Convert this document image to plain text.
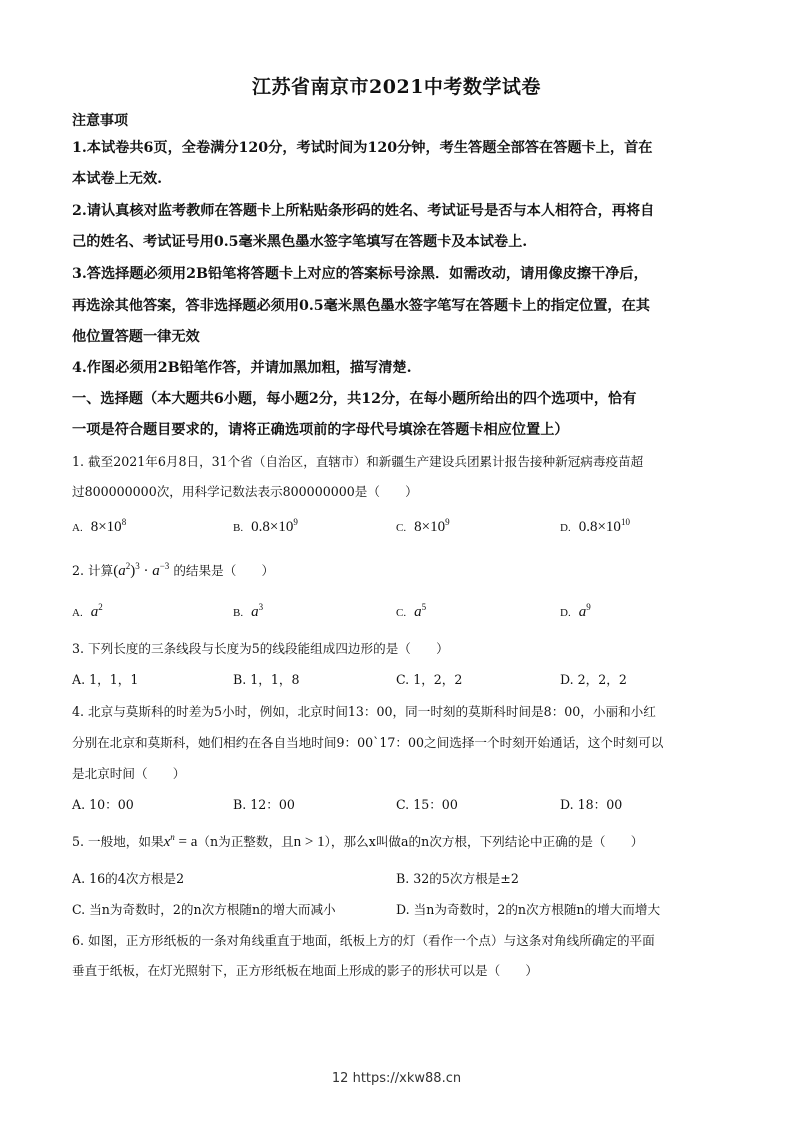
江苏省南京市2021中考数学试卷
注意事项
1.本试卷共6页，全卷满分120分，考试时间为120分钟，考生答题全部答在答题卡上，首在
本试卷上无效.
2.请认真核对监考教师在答题卡上所粘贴条形码的姓名、考试证号是否与本人相符合，再将自
己的姓名、考试证号用0.5毫米黑色墨水签字笔填写在答题卡及本试卷上.
3.答选择题必须用2B铅笔将答题卡上对应的答案标号涂黑．如需改动，请用像皮擦干净后，
再选涂其他答案，答非选择题必须用0.5毫米黑色墨水签字笔写在答题卡上的指定位置，在其
他位置答题一律无效
4.作图必须用2B铅笔作答，并请加黑加粗，描写清楚.
一、选择题（本大题共6小题，每小题2分，共12分，在每小题所给出的四个选项中，恰有
一项是符合题目要求的，请将正确选项前的字母代号填涂在答题卡相应位置上）
1. 截至2021年6月8日，31个省（自治区，直辖市）和新疆生产建设兵团累计报告接种新冠病毒疫苗超
过800000000次，用科学记数法表示800000000是（　　）
A. $8\times 10^8$	B. $0.8\times 10^9$	C. $8\times 10^9$	D. $0.8\times 10^{10}$
2. 计算$(a^2)^3 \cdot a^{-3}$ 的结果是（　　）
A. $a^2$	B. $a^3$	C. $a^5$	D. $a^9$
3. 下列长度的三条线段与长度为5的线段能组成四边形的是（　　）
A. 1，1，1	B. 1，1，8	C. 1，2，2	D. 2，2，2
4. 北京与莫斯科的时差为5小时，例如，北京时间13：00，同一时刻的莫斯科时间是8：00，小丽和小红
分别在北京和莫斯科，她们相约在各自当地时间9：00`17：00之间选择一个时刻开始通话，这个时刻可以
是北京时间（　　）
A. 10：00	B. 12：00	C. 15：00	D. 18：00
5. 一般地，如果$x^n = a(n$为正整数，且n > 1），那么x叫做a的n次方根，下列结论中正确的是（　　）
A. 16的4次方根是2	B. 32的5次方根是±2
C. 当n为奇数时，2的n次方根随n的增大而减小	D. 当n为奇数时，2的n次方根随n的增大而增大
6. 如图，正方形纸板的一条对角线重直于地面，纸板上方的灯（看作一个点）与这条对角线所确定的平面
垂直于纸板，在灯光照射下，正方形纸板在地面上形成的影子的形状可以是（　　）
12 https://xkw88.cn
